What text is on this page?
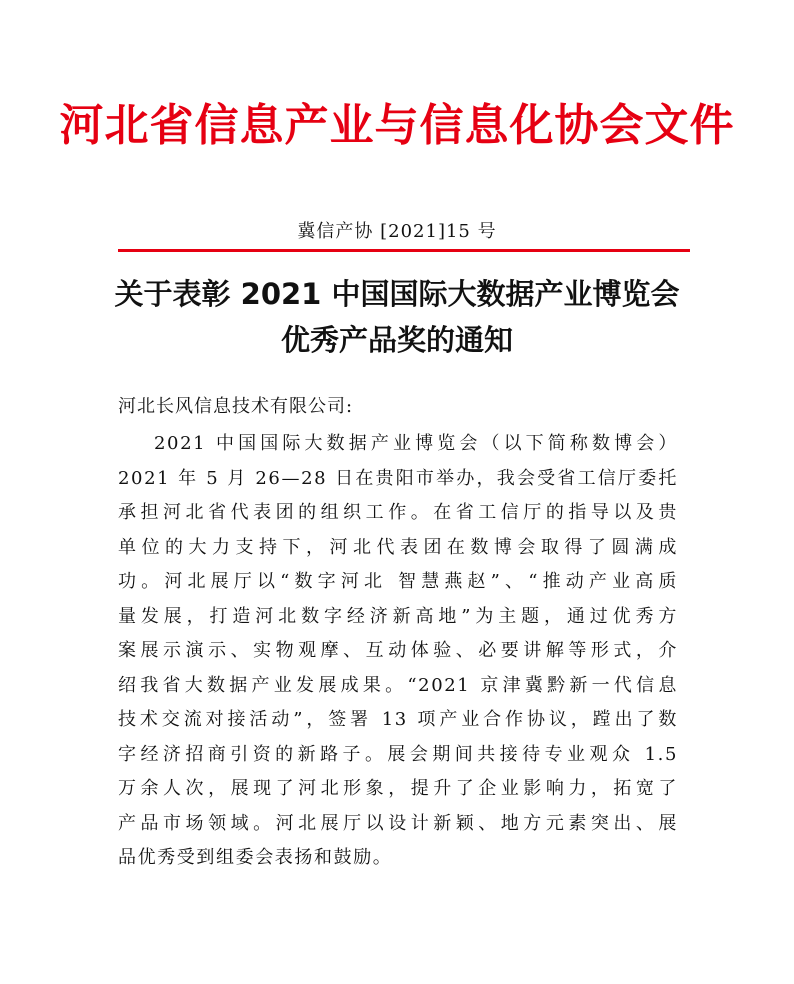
河北省信息产业与信息化协会文件
冀信产协 [2021]15 号
关于表彰 2021 中国国际大数据产业博览会
优秀产品奖的通知
河北长风信息技术有限公司:
2021 中国国际大数据产业博览会（以下简称数博会）
2021 年 5 月 26—28 日在贵阳市举办，我会受省工信厅委托
承担河北省代表团的组织工作。在省工信厅的指导以及贵
单位的大力支持下，河北代表团在数博会取得了圆满成
功。河北展厅以“数字河北 智慧燕赵”、“推动产业高质
量发展，打造河北数字经济新高地”为主题，通过优秀方
案展示演示、实物观摩、互动体验、必要讲解等形式，介
绍我省大数据产业发展成果。“2021 京津冀黔新一代信息
技术交流对接活动”，签署 13 项产业合作协议，蹚出了数
字经济招商引资的新路子。展会期间共接待专业观众 1.5
万余人次，展现了河北形象，提升了企业影响力，拓宽了
产品市场领域。河北展厅以设计新颖、地方元素突出、展
品优秀受到组委会表扬和鼓励。
